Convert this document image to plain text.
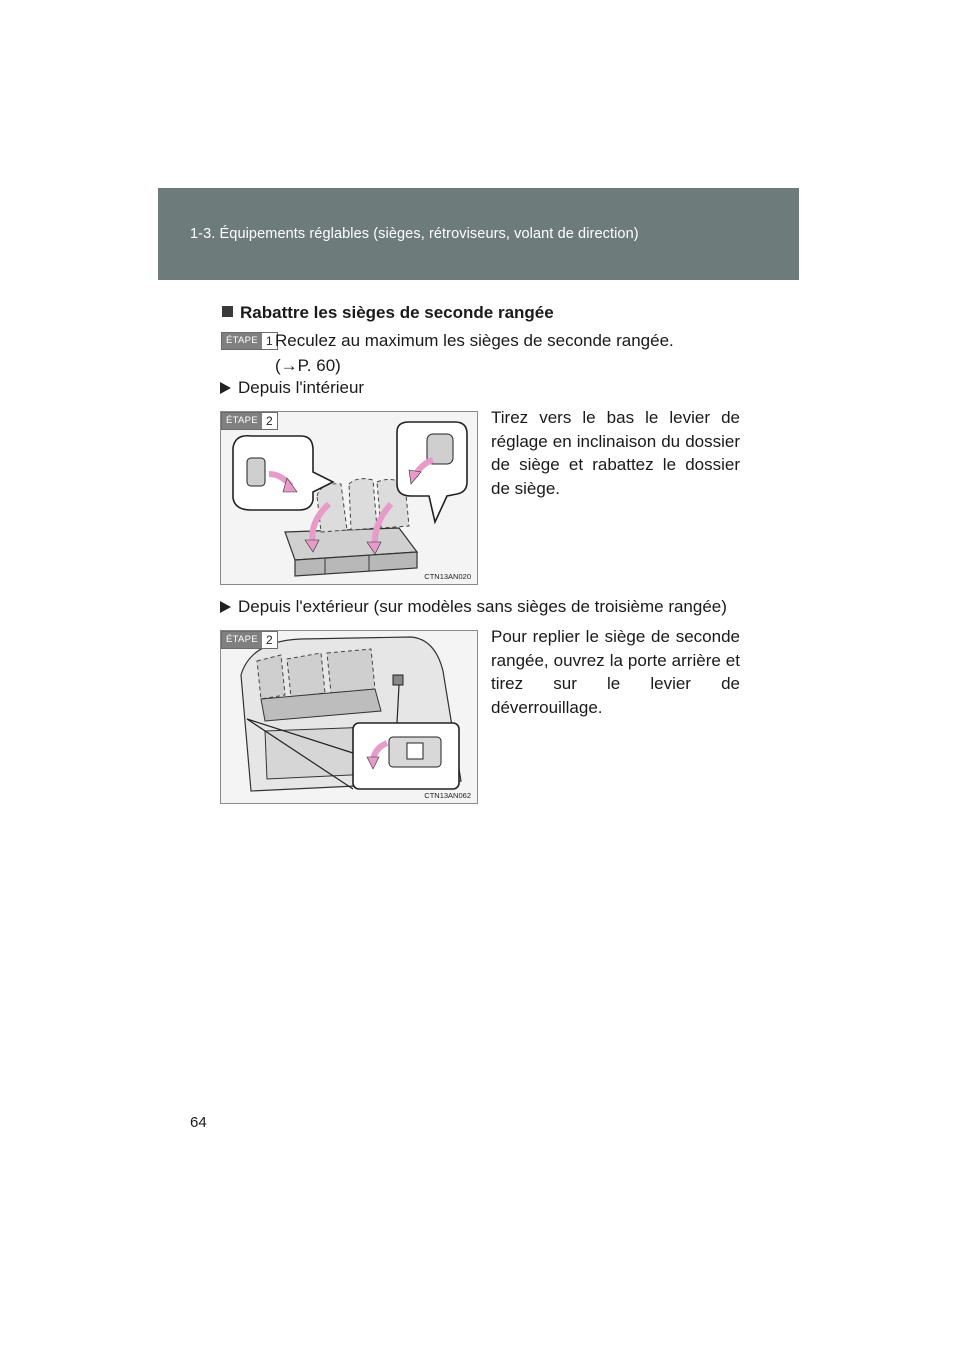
1-3. Équipements réglables (sièges, rétroviseurs, volant de direction)
Rabattre les sièges de seconde rangée
ÉTAPE 1 Reculez au maximum les sièges de seconde rangée.
(→P. 60)
Depuis l'intérieur
ÉTAPE 2
CTN13AN020
Tirez vers le bas le levier de réglage en inclinaison du dossier de siège et rabattez le dossier de siège.
Depuis l'extérieur (sur modèles sans sièges de troisième rangée)
ÉTAPE 2
CTN13AN062
Pour replier le siège de seconde rangée, ouvrez la porte arrière et tirez sur le levier de déverrouillage.
64
